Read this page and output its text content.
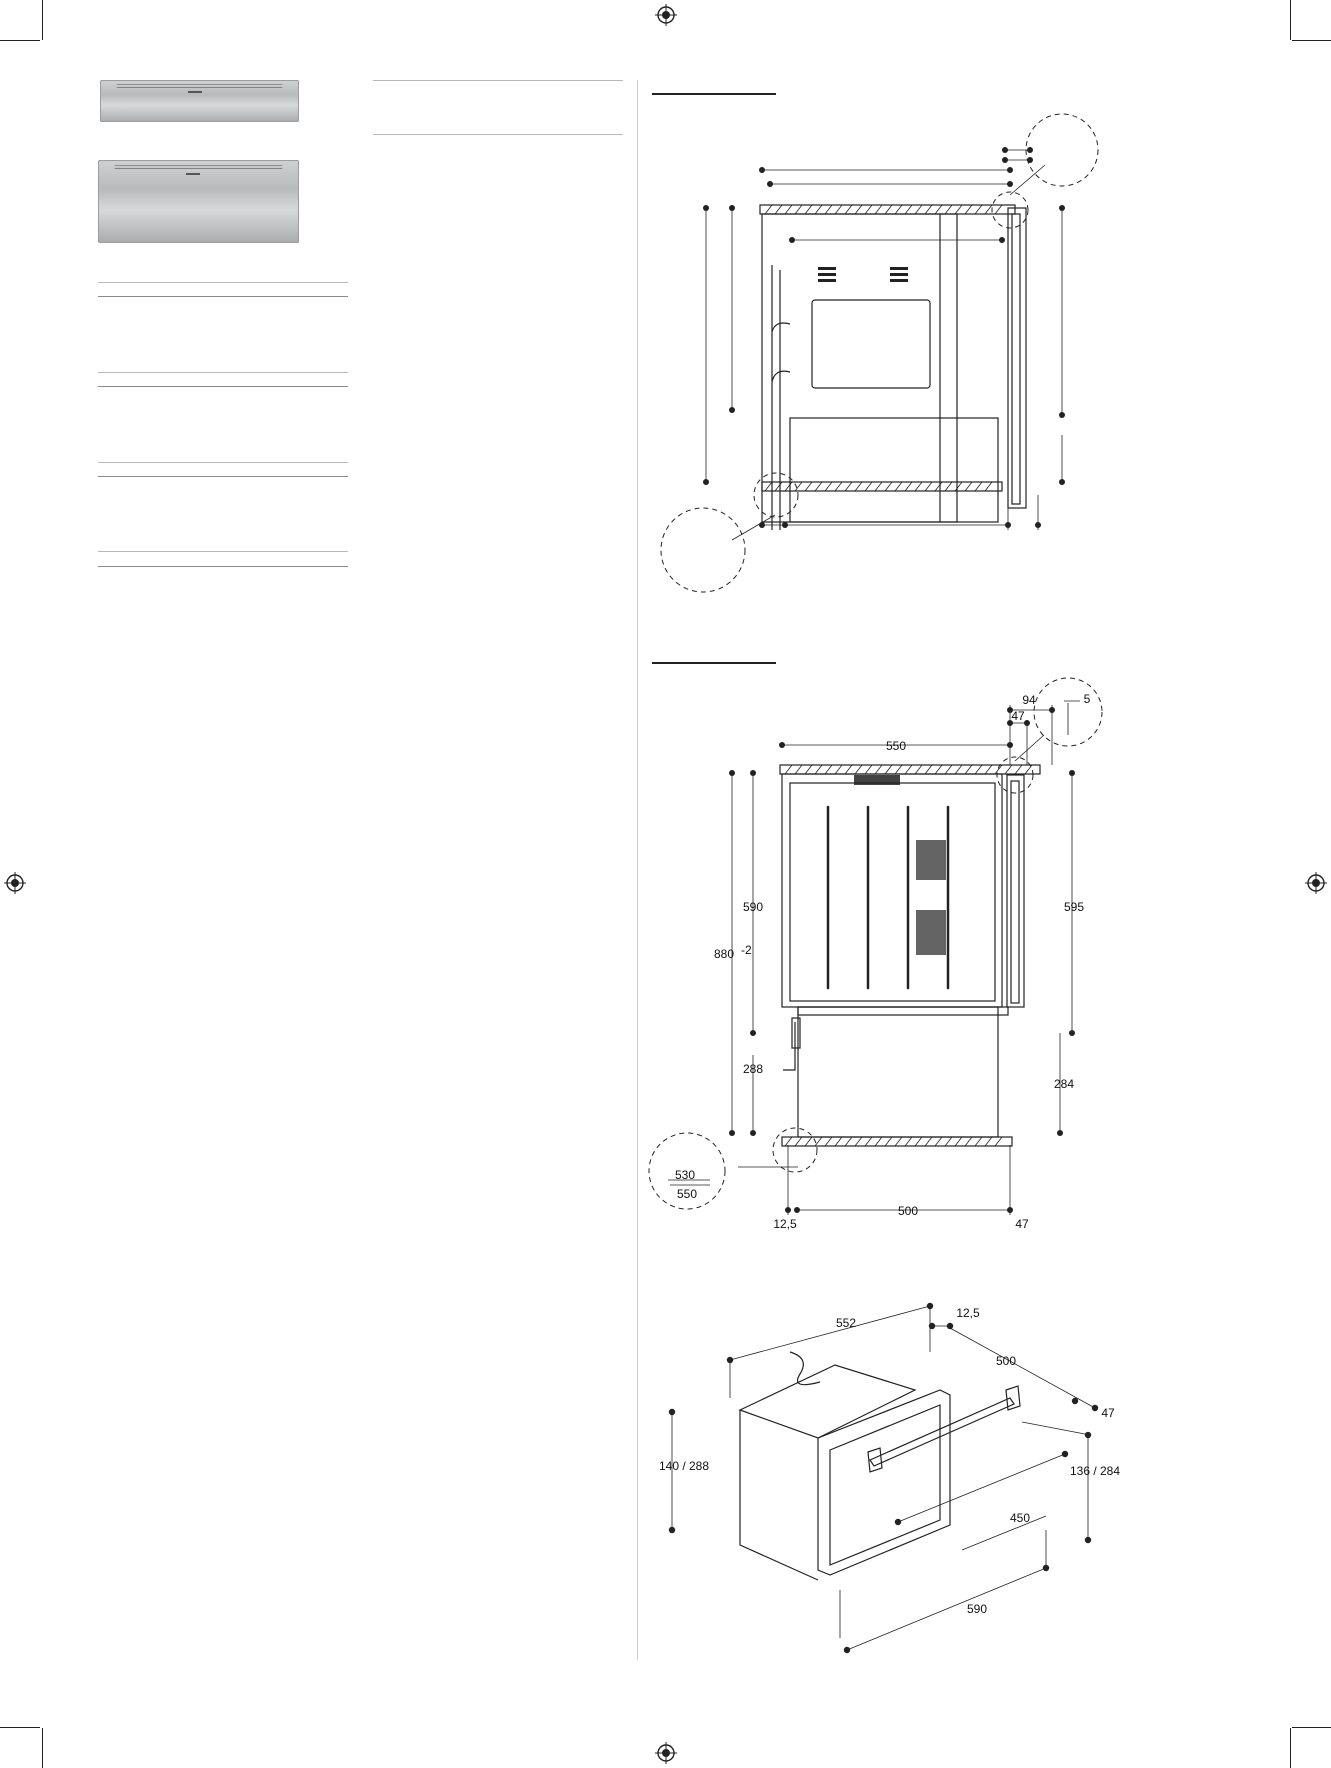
550
94
47
5
590
880 -2
595
288
284
530
550
12,5
500
47
552
12,5
500
47
140 / 288	136 / 284
450
590
